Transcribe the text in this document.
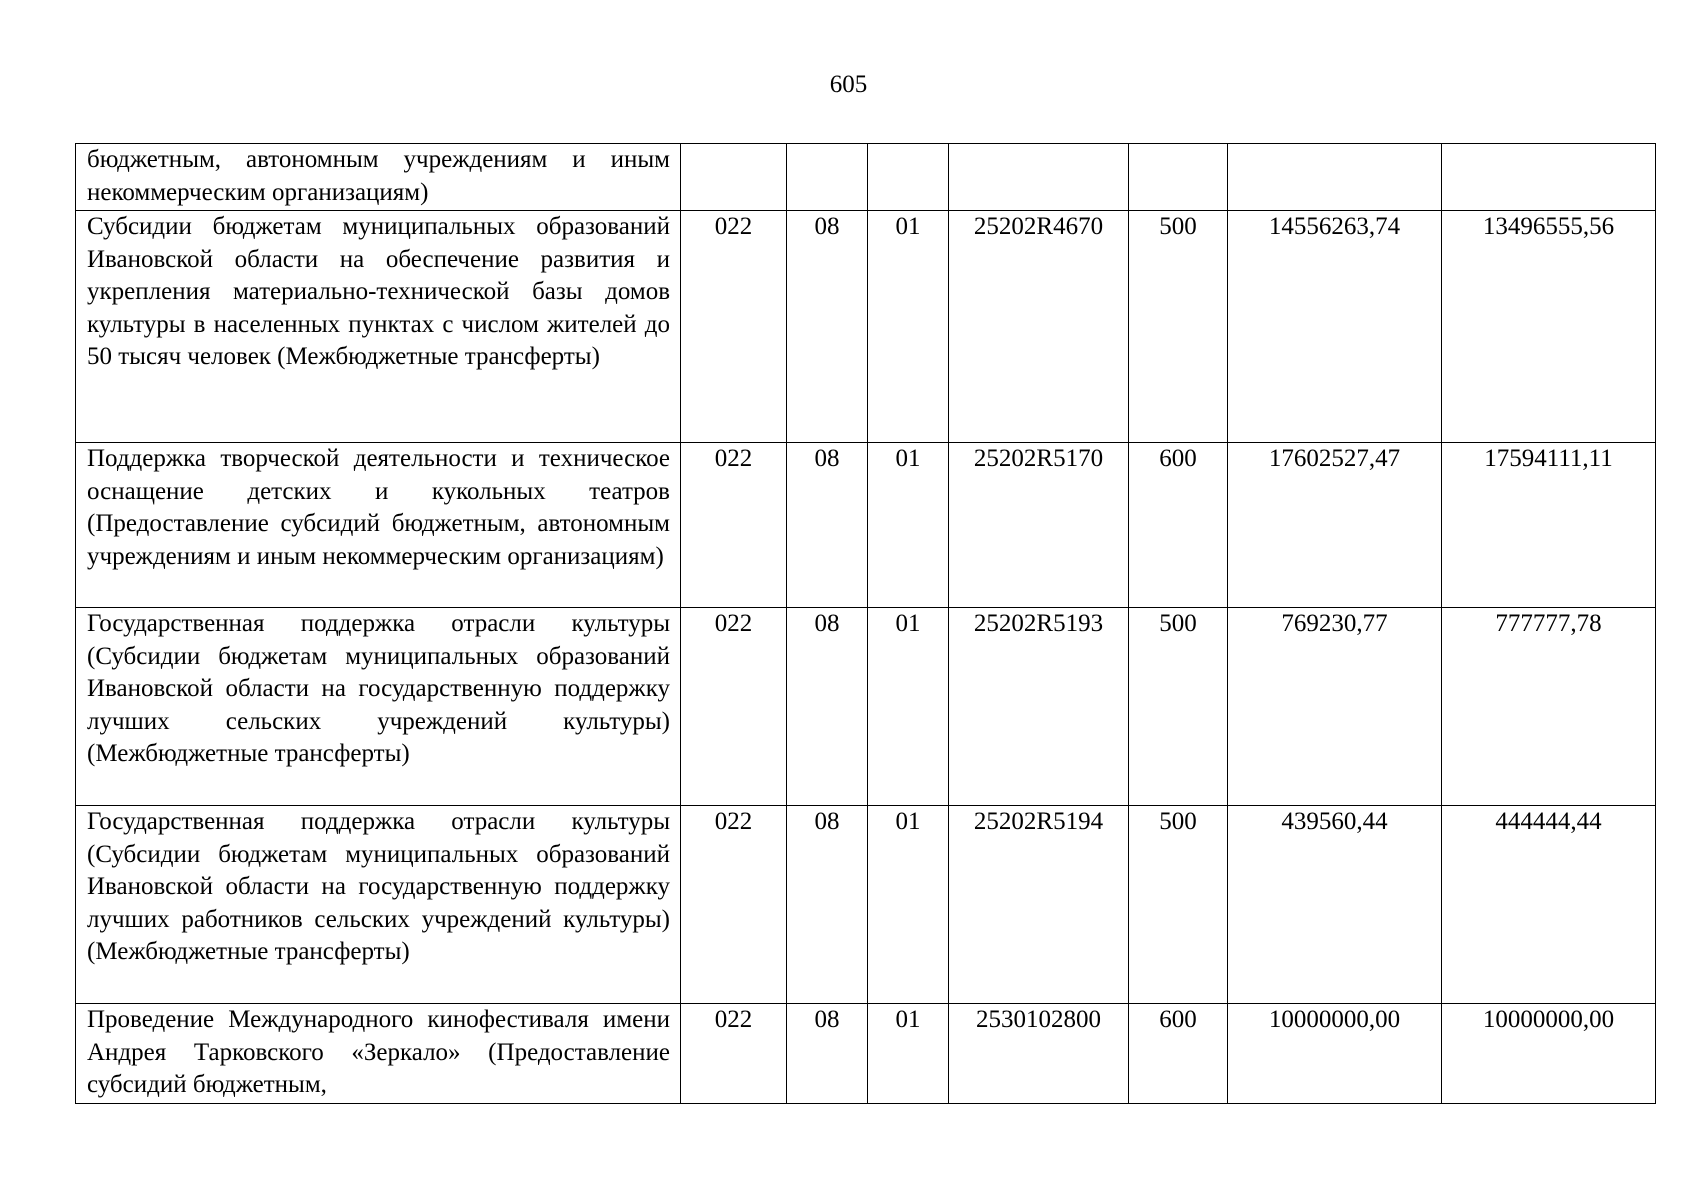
605
бюджетным, автономным учреждениям и иным некоммерческим организациям)							
Субсидии бюджетам муниципальных образований Ивановской области на обеспечение развития и укрепления материально-технической базы домов культуры в населенных пунктах с числом жителей до 50 тысяч человек (Межбюджетные трансферты)	022	08	01	25202R4670	500	14556263,74	13496555,56
Поддержка творческой деятельности и техническое оснащение детских и кукольных театров (Предоставление субсидий бюджетным, автономным учреждениям и иным некоммерческим организациям)	022	08	01	25202R5170	600	17602527,47	17594111,11
Государственная поддержка отрасли культуры (Субсидии бюджетам муниципальных образований Ивановской области на государственную поддержку лучших сельских учреждений культуры) (Межбюджетные трансферты)	022	08	01	25202R5193	500	769230,77	777777,78
Государственная поддержка отрасли культуры (Субсидии бюджетам муниципальных образований Ивановской области на государственную поддержку лучших работников сельских учреждений культуры) (Межбюджетные трансферты)	022	08	01	25202R5194	500	439560,44	444444,44
Проведение Международного кинофестиваля имени Андрея Тарковского «Зеркало» (Предоставление субсидий бюджетным,	022	08	01	2530102800	600	10000000,00	10000000,00
